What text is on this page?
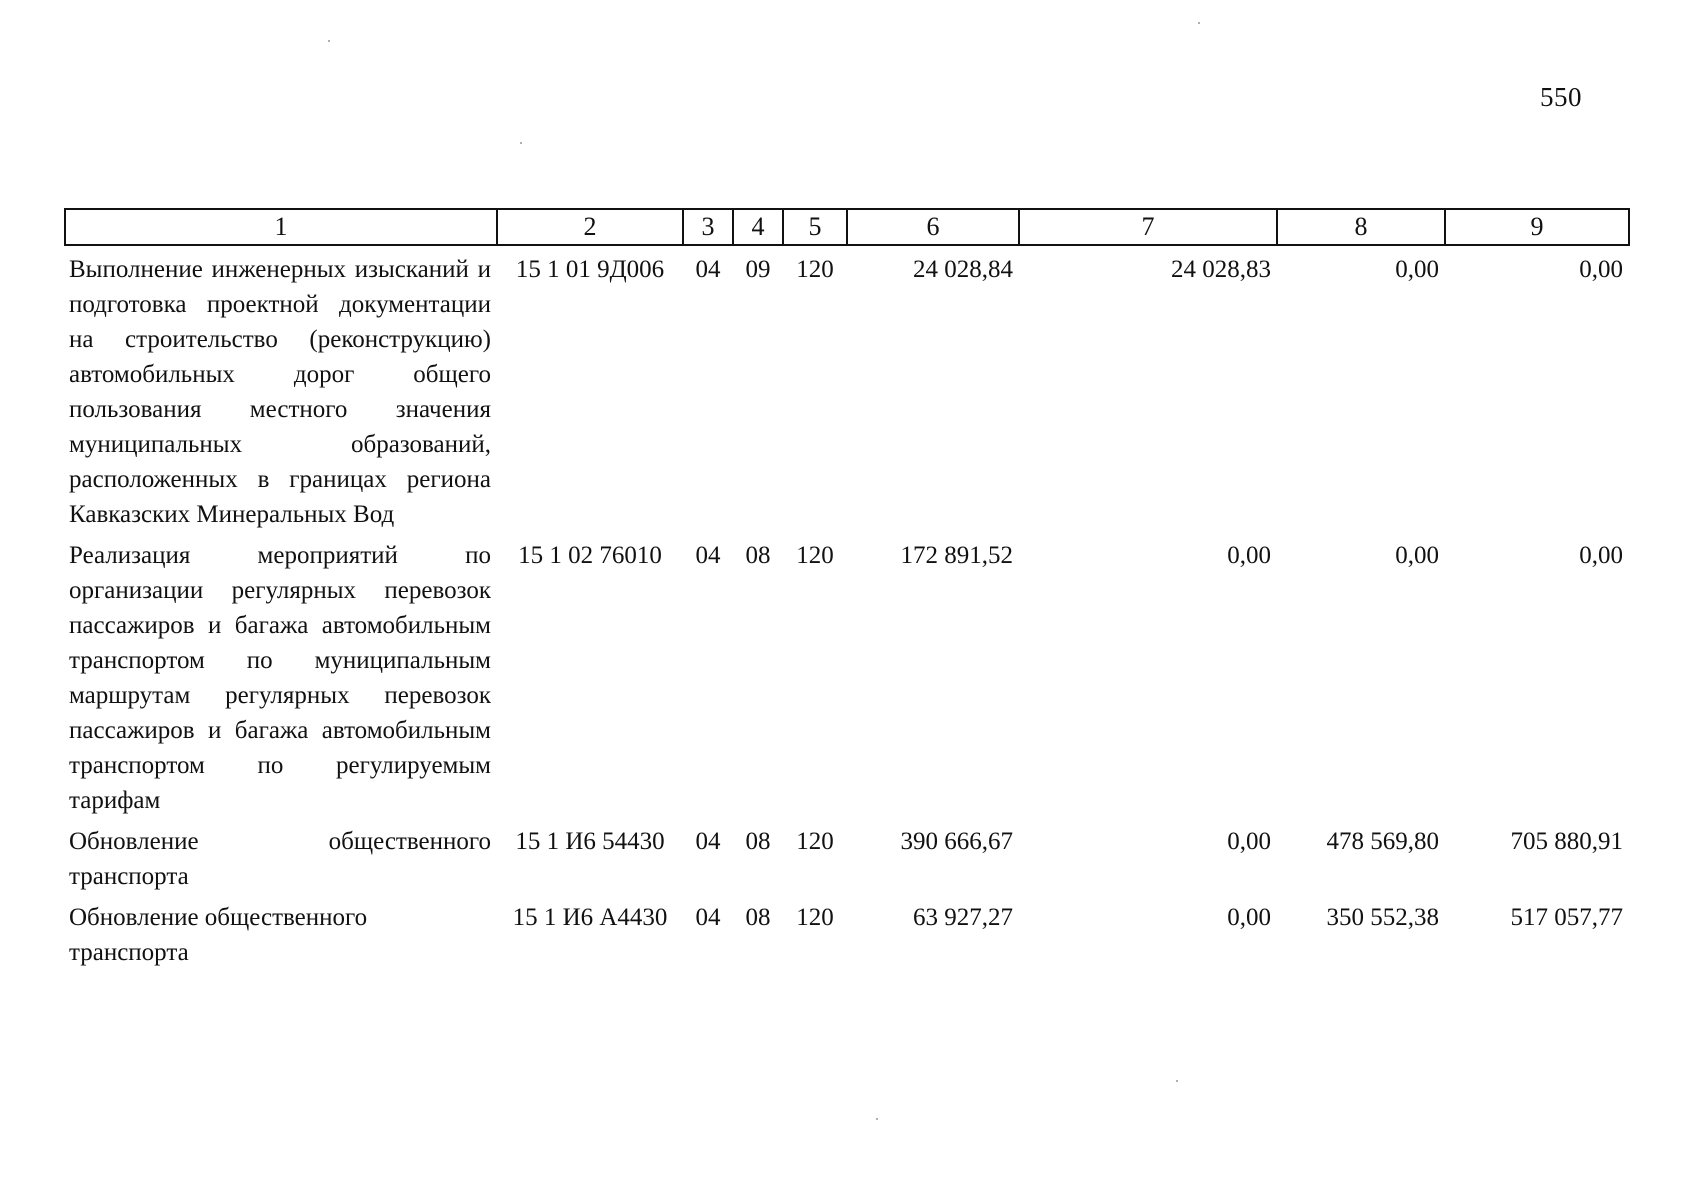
550
1	2	3	4	5	6	7	8	9
Выполнение инженерных изысканий и подготовка проектной документации на строительство (реконструкцию) автомобильных дорог общего пользования местного значения муниципальных образований, расположенных в границах региона Кавказских Минеральных Вод	15 1 01 9Д006	04	09	120	24 028,84	24 028,83	0,00	0,00
Реализация мероприятий по организации регулярных перевозок пассажиров и багажа автомобильным транспортом по муниципальным маршрутам регулярных перевозок пассажиров и багажа автомобильным транспортом по регулируемым тарифам	15 1 02 76010	04	08	120	172 891,52	0,00	0,00	0,00
Обновление общественного транспорта	15 1 И6 54430	04	08	120	390 666,67	0,00	478 569,80	705 880,91
Обновление общественного транспорта	15 1 И6 А4430	04	08	120	63 927,27	0,00	350 552,38	517 057,77
